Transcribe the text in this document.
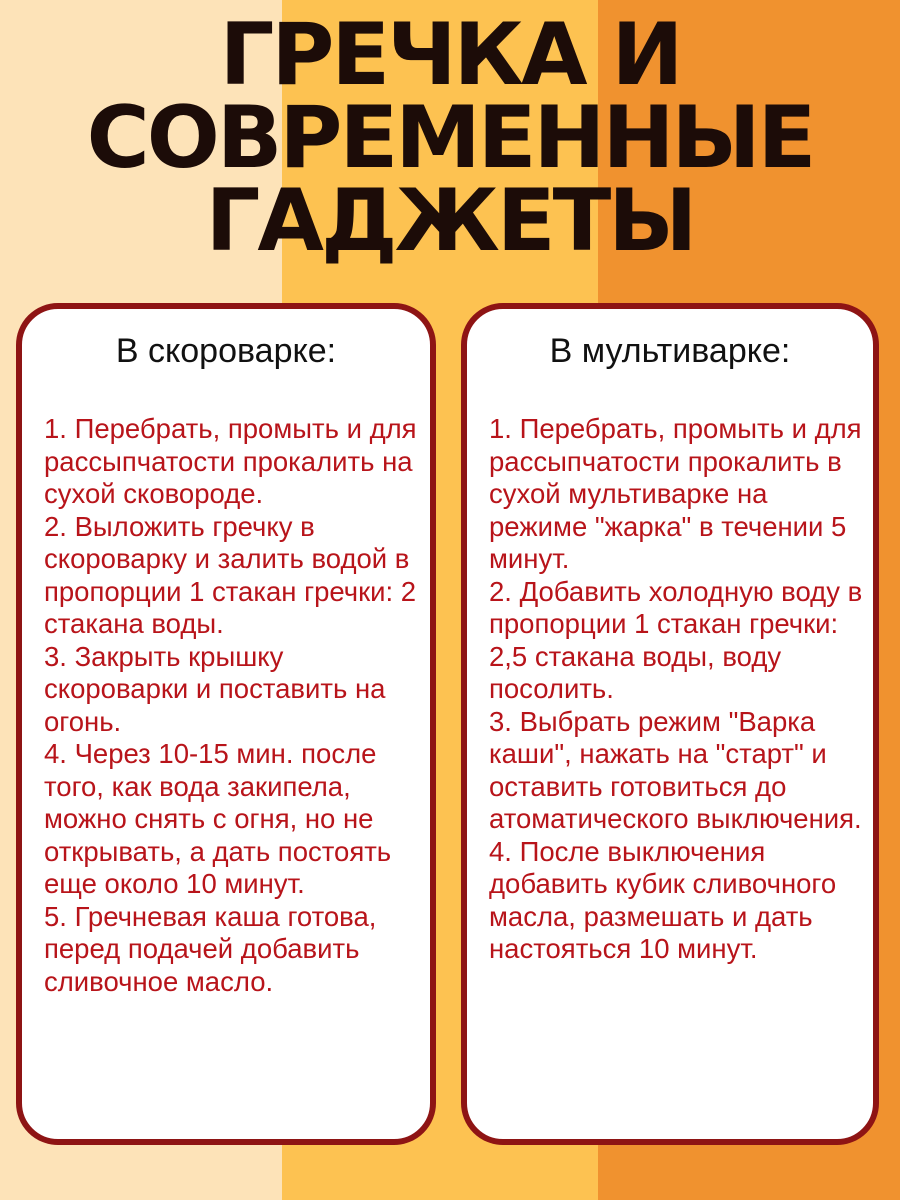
ГРЕЧКА И
СОВРЕМЕННЫЕ
ГАДЖЕТЫ
В скороварке:

1. Перебрать, промыть и для рассыпчатости прокалить на сухой сковороде.

2. Выложить гречку в скороварку и залить водой в пропорции 1 стакан гречки: 2 стакана воды.

3. Закрыть крышку скороварки и поставить на огонь.

4. Через 10-15 мин. после того, как вода закипела, можно снять с огня, но не открывать, а дать постоять еще около 10 минут.

5. Гречневая каша готова, перед подачей добавить сливочное масло.

В мультиварке:

1. Перебрать, промыть и для рассыпчатости прокалить в сухой мультиварке на режиме "жарка" в течении 5 минут.

2. Добавить холодную воду в пропорции 1 стакан гречки: 2,5 стакана воды, воду посолить.

3. Выбрать режим "Варка каши", нажать на "старт" и оставить готовиться до атоматического выключения.

4. После выключения добавить кубик сливочного масла, размешать и дать настояться 10 минут.
